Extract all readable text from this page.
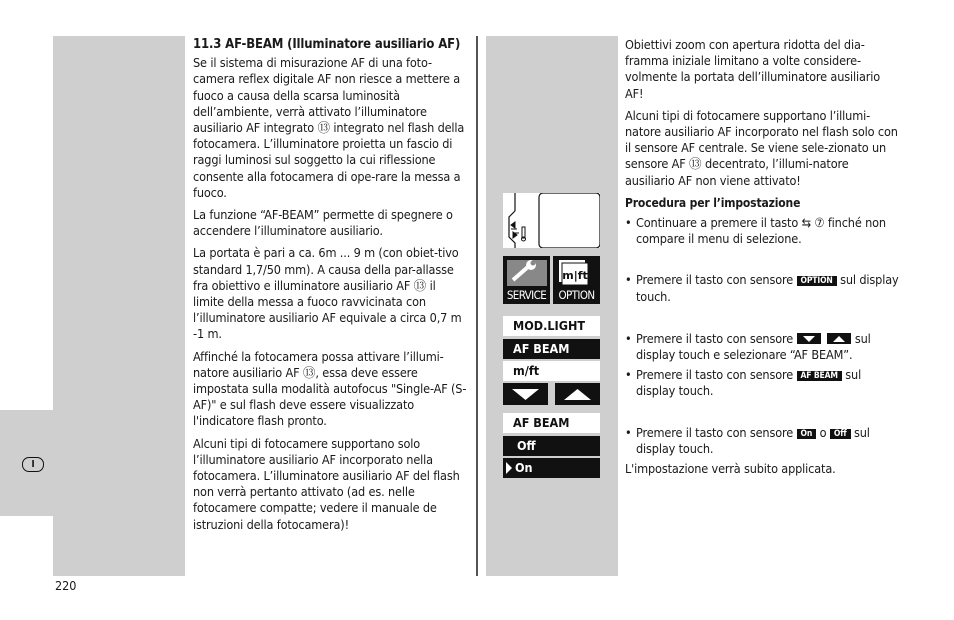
I
220
11.3 AF-BEAM (Illuminatore ausiliario AF)

Se il sistema di misurazione AF di una foto-camera reflex digitale AF non riesce a mettere a fuoco a causa della scarsa luminosità dell’ambiente, verrà attivato l’illuminatore ausiliario AF integrato ⑬ integrato nel flash della fotocamera. L’illuminatore proietta un fascio di raggi luminosi sul soggetto la cui riflessione consente alla fotocamera di ope-rare la messa a fuoco.

La funzione “AF-BEAM” permette di spegnere o accendere l’illuminatore ausiliario.

La portata è pari a ca. 6m ... 9 m (con obiet-tivo standard 1,7/50 mm). A causa della par-allasse fra obiettivo e illuminatore ausiliario AF ⑬ il limite della messa a fuoco ravvicinata con l’illuminatore ausiliario AF equivale a circa 0,7 m -1 m.

Affinché la fotocamera possa attivare l’illumi-natore ausiliario AF ⑬, essa deve essere impostata sulla modalità autofocus "Single-AF (S-AF)" e sul flash deve essere visualizzato l'indicatore flash pronto.

Alcuni tipi di fotocamere supportano solo l’illuminatore ausiliario AF incorporato nella fotocamera. L’illuminatore ausiliario AF del flash non verrà pertanto attivato (ad es. nelle fotocamere compatte; vedere il manuale de istruzioni della fotocamera)!

SERVICE
m|ft
OPTION
MOD.LIGHT
AF BEAM
m/ft
AF BEAM
Off
On

Obiettivi zoom con apertura ridotta del dia-framma iniziale limitano a volte considere-volmente la portata dell’illuminatore ausiliario AF!

Alcuni tipi di fotocamere supportano l’illumi-natore ausiliario AF incorporato nel flash solo con il sensore AF centrale. Se viene sele-zionato un sensore AF ⑬ decentrato, l’illumi-natore ausiliario AF non viene attivato!

Procedura per l’impostazione
• Continuare a premere il tasto ⇆ ⑦ finché non compare il menu di selezione.
• Premere il tasto con sensore OPTION sul display touch.
• Premere il tasto con sensore
	sul display touch e selezionare “AF BEAM”.
• Premere il tasto con sensore AF BEAM sul display touch.
• Premere il tasto con sensore On o Off sul display touch.
L'impostazione verrà subito applicata.
